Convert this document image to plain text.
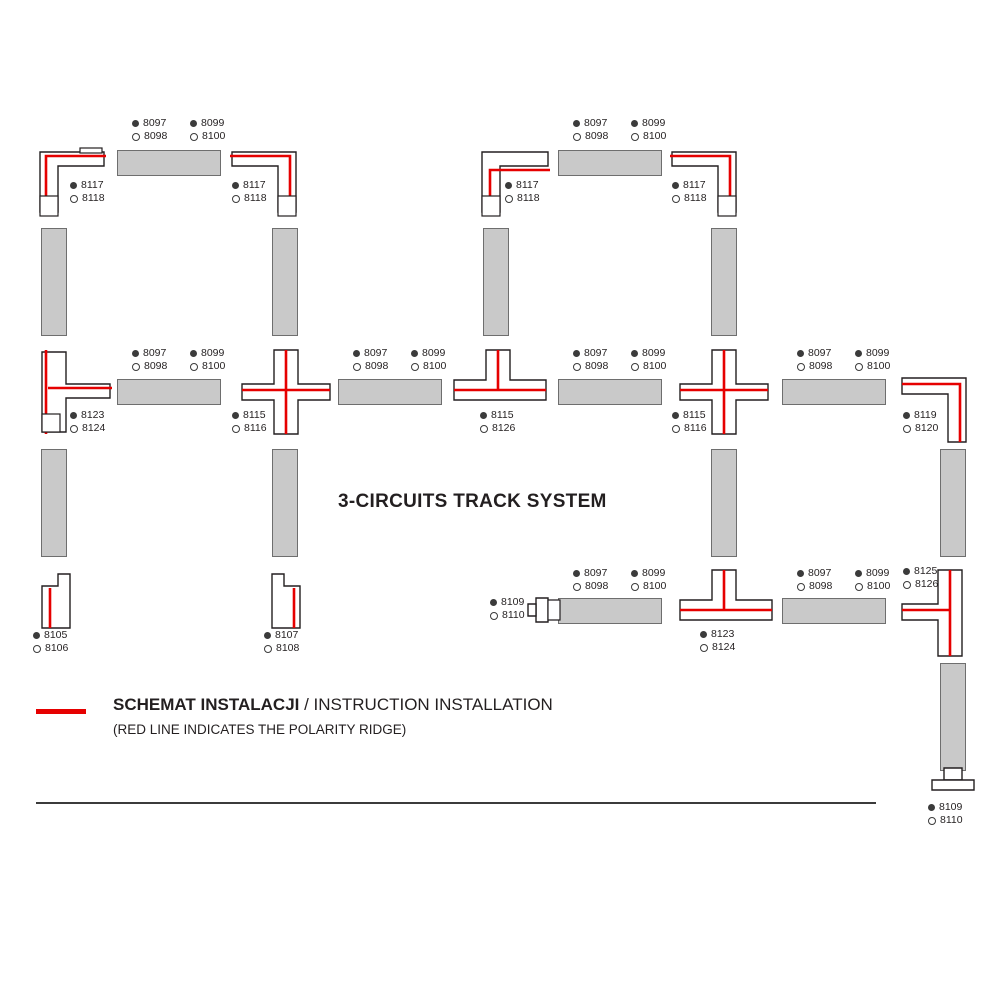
8097	8099
8098	8100
8117
8118
8117
8118
8097	8099
8098	8100
8117
8118
8117
8118
8097	8099
8098	8100
8123
8124
8115
8116
8097	8099
8098	8100
8115
8126
8097	8099
8098	8100
8115
8116
8097	8099
8098	8100
8119
8120
8105
8106
8107
8108
8097	8099
8098	8100
8109
8110
8123
8124
8097	8099
8098	8100
8125
8126
8109
8110
3-CIRCUITS TRACK SYSTEM
SCHEMAT INSTALACJI / INSTRUCTION INSTALLATION
(RED LINE INDICATES THE POLARITY RIDGE)
